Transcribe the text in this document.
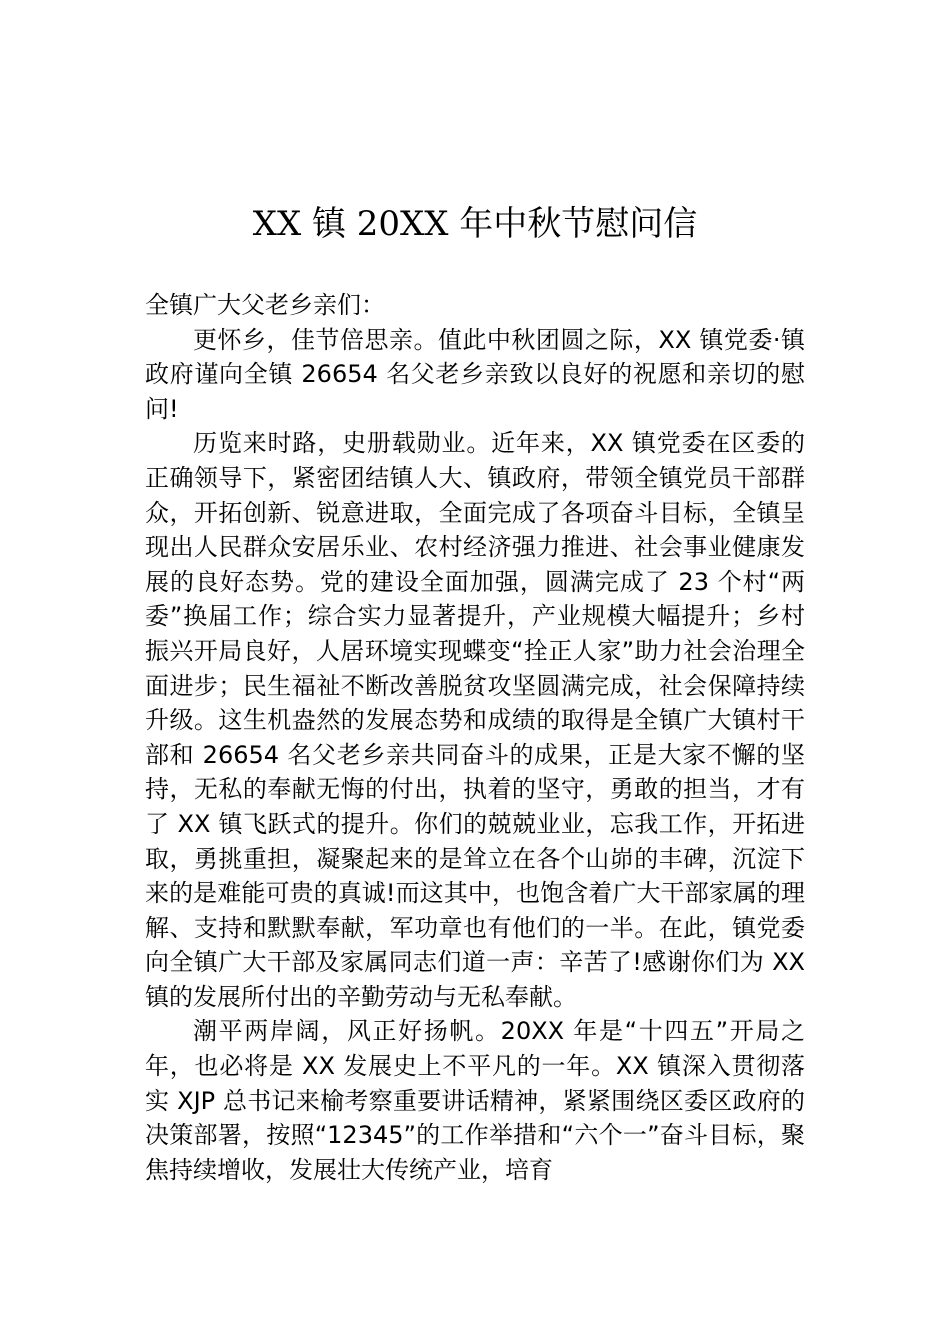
XX 镇 20XX 年中秋节慰问信

全镇广大父老乡亲们：

更怀乡，佳节倍思亲。值此中秋团圆之际，XX 镇党委·镇政府谨向全镇 26654 名父老乡亲致以良好的祝愿和亲切的慰问!

历览来时路，史册载勋业。近年来，XX 镇党委在区委的正确领导下，紧密团结镇人大、镇政府，带领全镇党员干部群众，开拓创新、锐意进取，全面完成了各项奋斗目标，全镇呈现出人民群众安居乐业、农村经济强力推进、社会事业健康发展的良好态势。党的建设全面加强，圆满完成了 23 个村“两委”换届工作；综合实力显著提升，产业规模大幅提升；乡村振兴开局良好，人居环境实现蝶变“拴正人家”助力社会治理全面进步；民生福祉不断改善脱贫攻坚圆满完成，社会保障持续升级。这生机盎然的发展态势和成绩的取得是全镇广大镇村干部和 26654 名父老乡亲共同奋斗的成果，正是大家不懈的坚持，无私的奉献无悔的付出，执着的坚守，勇敢的担当，才有了 XX 镇飞跃式的提升。你们的兢兢业业，忘我工作，开拓进取，勇挑重担，凝聚起来的是耸立在各个山峁的丰碑，沉淀下来的是难能可贵的真诚!而这其中，也饱含着广大干部家属的理解、支持和默默奉献，军功章也有他们的一半。在此，镇党委向全镇广大干部及家属同志们道一声：辛苦了!感谢你们为 XX 镇的发展所付出的辛勤劳动与无私奉献。

潮平两岸阔，风正好扬帆。20XX 年是“十四五”开局之年，也必将是 XX 发展史上不平凡的一年。XX 镇深入贯彻落实 XJP 总书记来榆考察重要讲话精神，紧紧围绕区委区政府的决策部署，按照“12345”的工作举措和“六个一”奋斗目标，聚焦持续增收，发展壮大传统产业，培育
